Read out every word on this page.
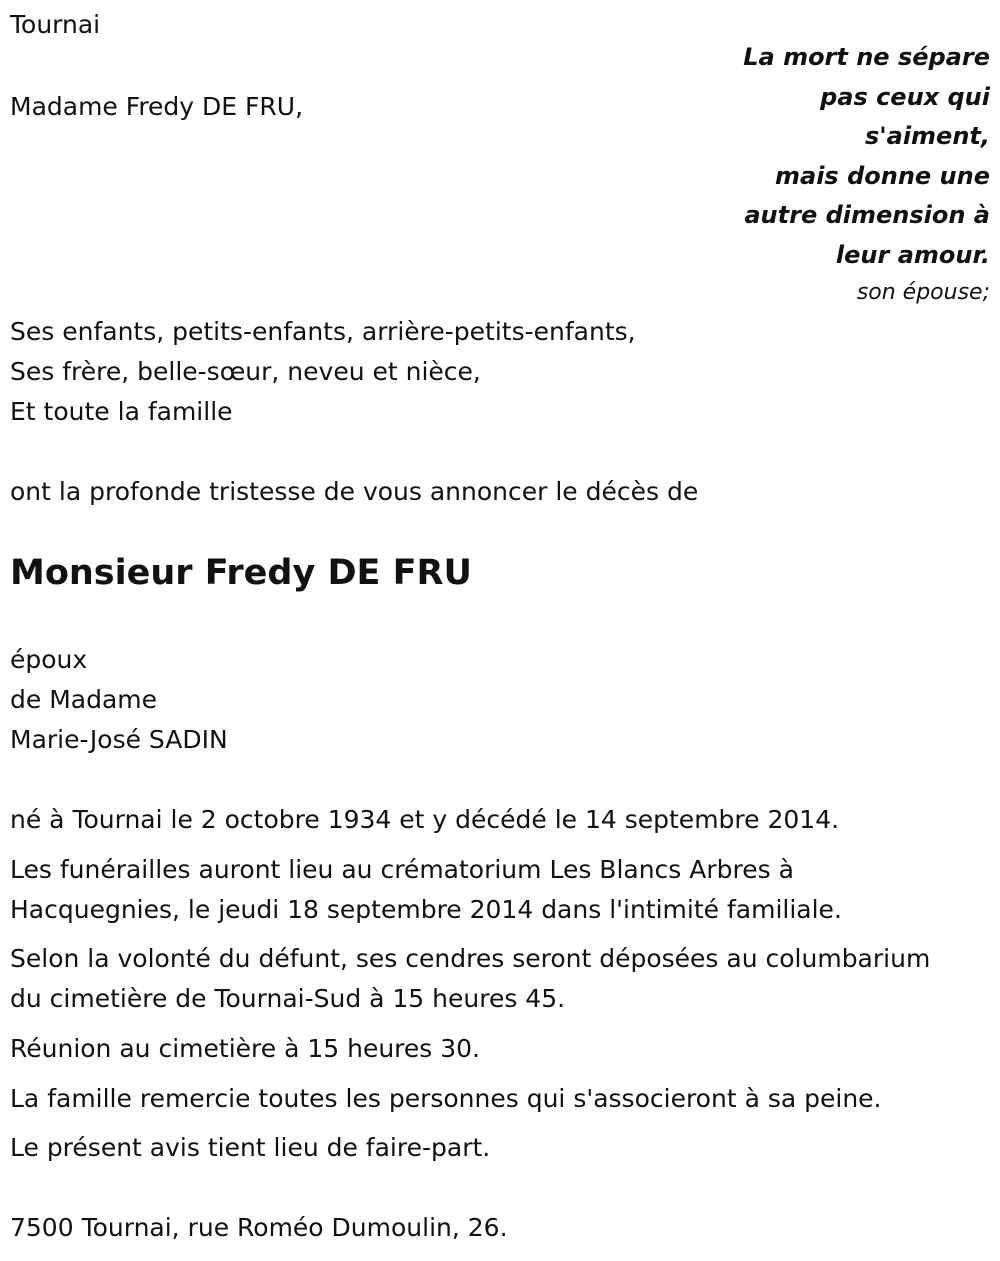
Tournai
Madame Fredy DE FRU,
La mort ne sépare
pas ceux qui
s'aiment,
mais donne une
autre dimension à
leur amour.
son épouse;
Ses enfants, petits-enfants, arrière-petits-enfants,
Ses frère, belle-sœur, neveu et nièce,
Et toute la famille
ont la profonde tristesse de vous annoncer le décès de
Monsieur Fredy DE FRU
époux
de Madame
Marie-José SADIN
né à Tournai le 2 octobre 1934 et y décédé le 14 septembre 2014.
Les funérailles auront lieu au crématorium Les Blancs Arbres à
Hacquegnies, le jeudi 18 septembre 2014 dans l'intimité familiale.
Selon la volonté du défunt, ses cendres seront déposées au columbarium
du cimetière de Tournai-Sud à 15 heures 45.
Réunion au cimetière à 15 heures 30.
La famille remercie toutes les personnes qui s'associeront à sa peine.
Le présent avis tient lieu de faire-part.
7500 Tournai, rue Roméo Dumoulin, 26.
